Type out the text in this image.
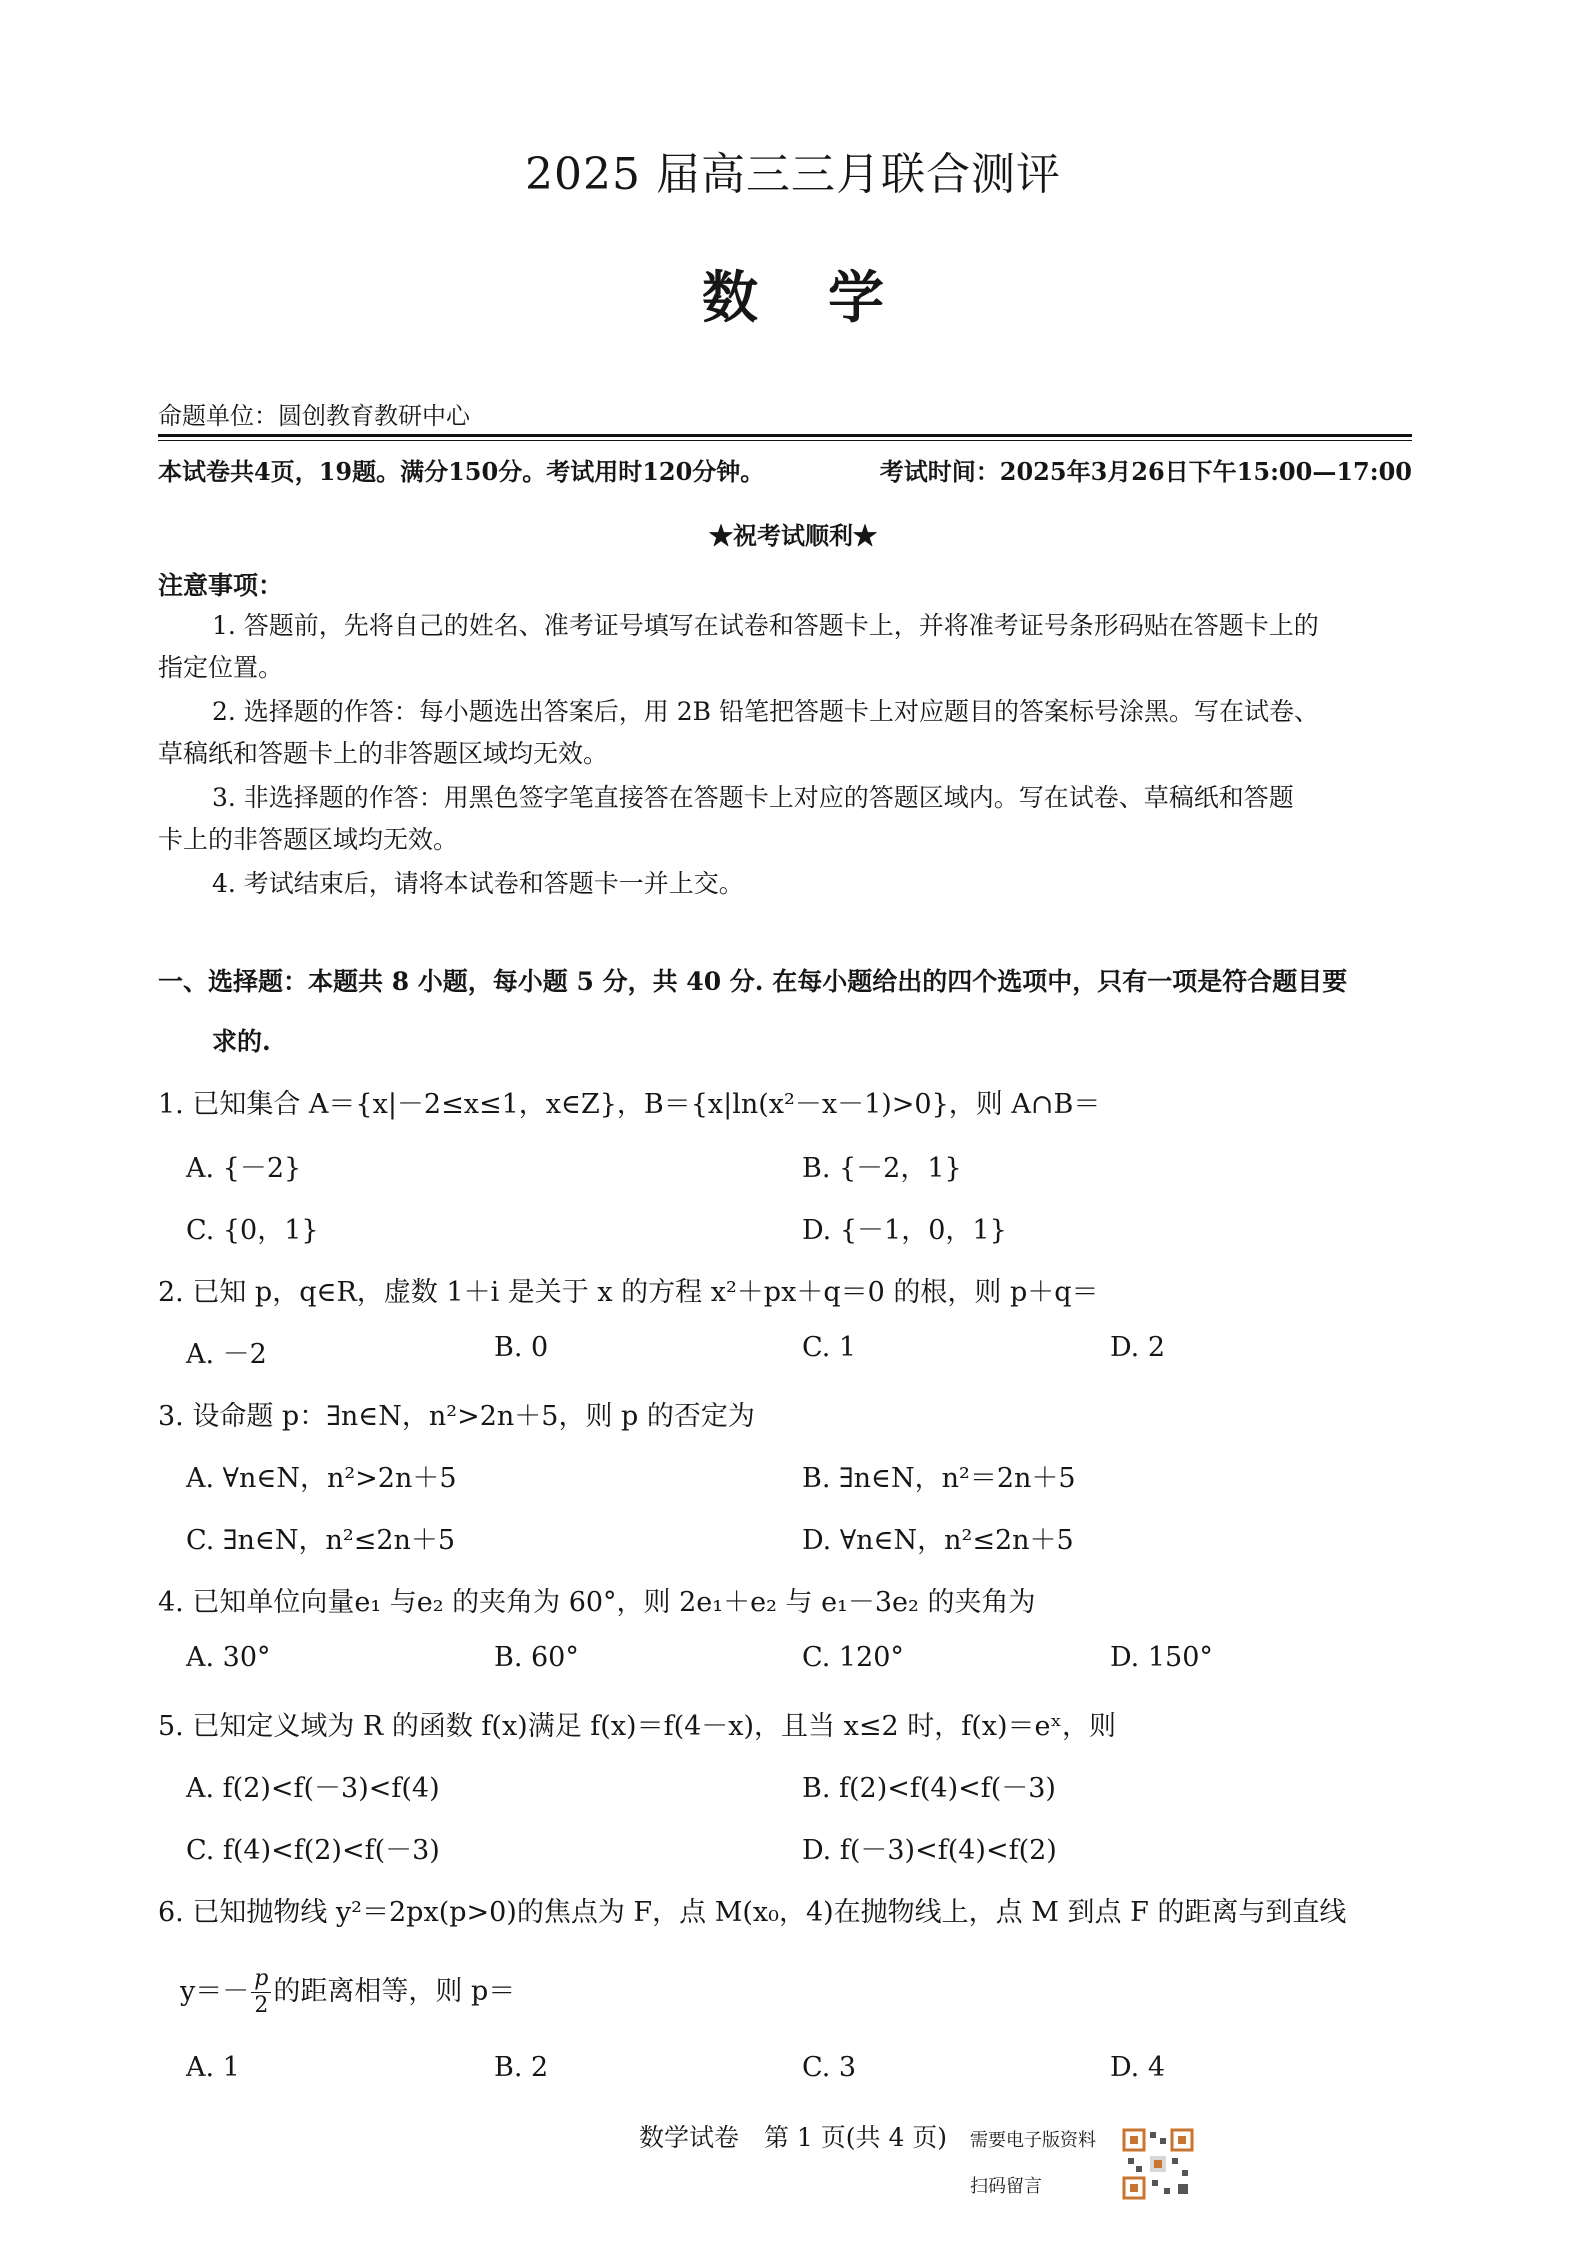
2025 届高三三月联合测评
数学
命题单位：圆创教育教研中心
本试卷共4页，19题。满分150分。考试用时120分钟。	考试时间：2025年3月26日下午15:00—17:00
★祝考试顺利★
注意事项：
1. 答题前，先将自己的姓名、准考证号填写在试卷和答题卡上，并将准考证号条形码贴在答题卡上的
指定位置。
2. 选择题的作答：每小题选出答案后，用 2B 铅笔把答题卡上对应题目的答案标号涂黑。写在试卷、
草稿纸和答题卡上的非答题区域均无效。
3. 非选择题的作答：用黑色签字笔直接答在答题卡上对应的答题区域内。写在试卷、草稿纸和答题
卡上的非答题区域均无效。
4. 考试结束后，请将本试卷和答题卡一并上交。
一、选择题：本题共 8 小题，每小题 5 分，共 40 分. 在每小题给出的四个选项中，只有一项是符合题目要
求的.
1. 已知集合 A＝{x|－2≤x≤1，x∈Z}，B＝{x|ln(x²－x－1)>0}，则 A∩B＝
A. {－2}	B. {－2，1}
C. {0，1}	D. {－1，0，1}
2. 已知 p，q∈R，虚数 1＋i 是关于 x 的方程 x²＋px＋q＝0 的根，则 p＋q＝
A. －2	B. 0	C. 1	D. 2
3. 设命题 p：∃n∈N，n²>2n＋5，则 p 的否定为
A. ∀n∈N，n²>2n＋5	B. ∃n∈N，n²＝2n＋5
C. ∃n∈N，n²≤2n＋5	D. ∀n∈N，n²≤2n＋5
4. 已知单位向量e₁ 与e₂ 的夹角为 60°，则 2e₁＋e₂ 与 e₁－3e₂ 的夹角为
A. 30°	B. 60°	C. 120°	D. 150°
5. 已知定义域为 R 的函数 f(x)满足 f(x)＝f(4－x)，且当 x≤2 时，f(x)＝eˣ，则
A. f(2)<f(－3)<f(4)	B. f(2)<f(4)<f(－3)
C. f(4)<f(2)<f(－3)	D. f(－3)<f(4)<f(2)
6. 已知抛物线 y²＝2px(p>0)的焦点为 F，点 M(x₀，4)在抛物线上，点 M 到点 F 的距离与到直线
$y=- \frac{p}{2}$ 的距离相等，则 p＝
A. 1	B. 2	C. 3	D. 4
数学试卷　第 1 页(共 4 页)	需要电子版资料
扫码留言
